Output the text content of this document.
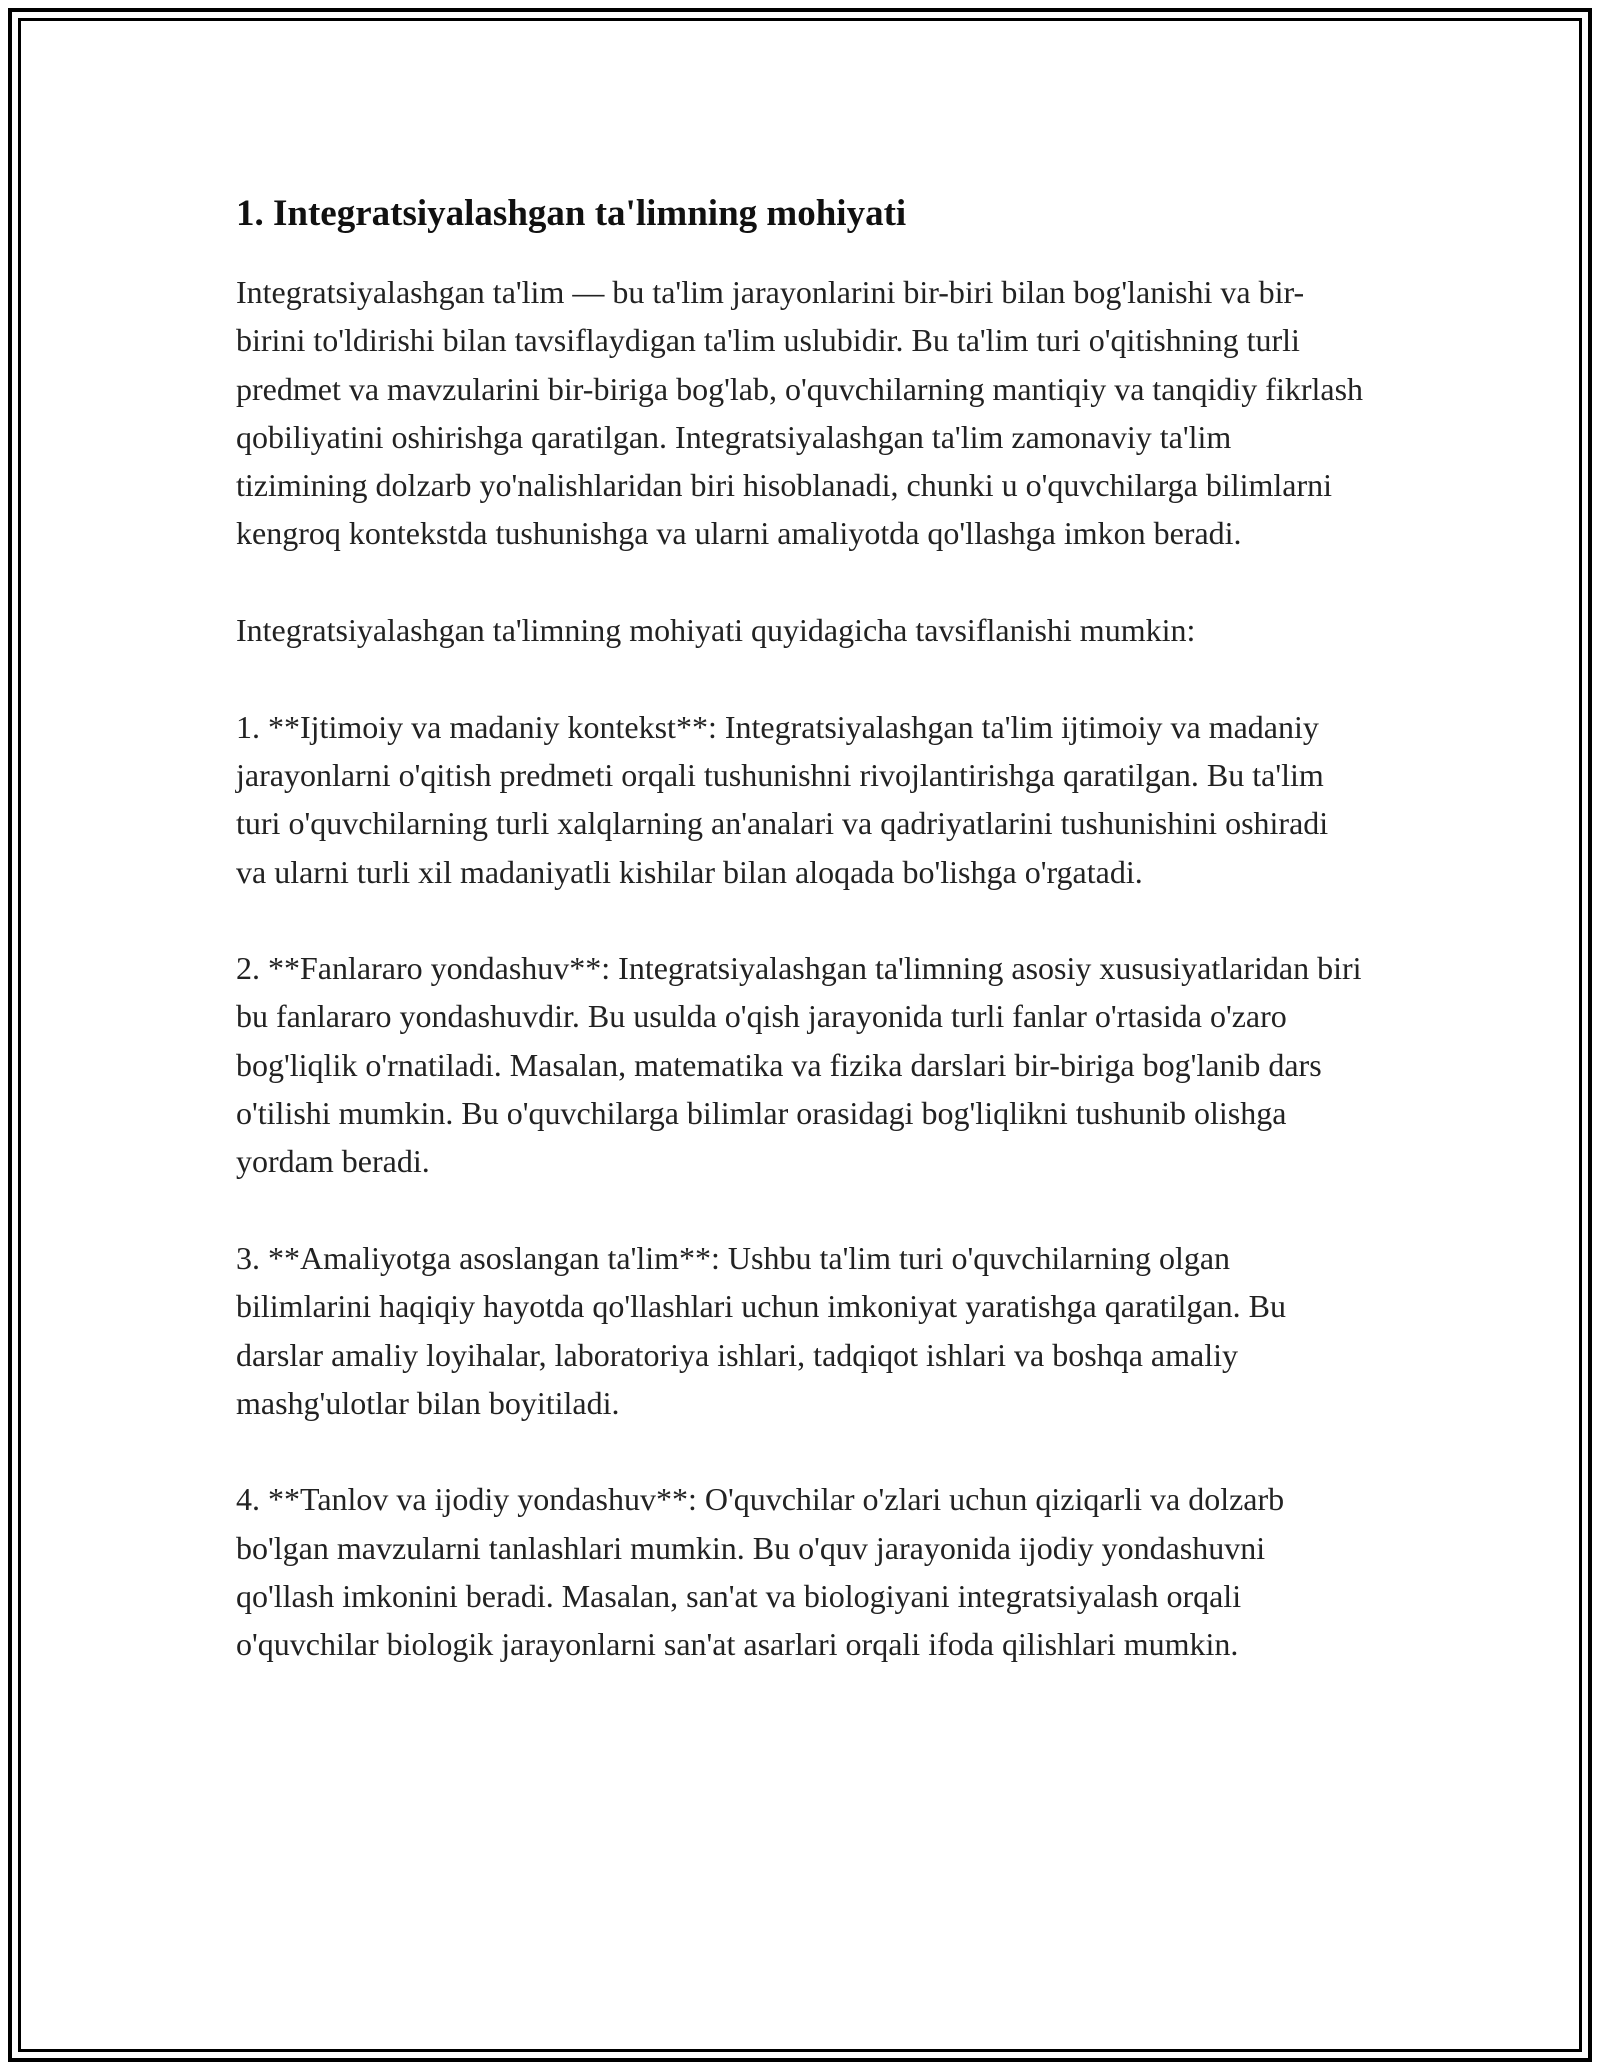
1. Integratsiyalashgan ta'limning mohiyati

Integratsiyalashgan ta'lim — bu ta'lim jarayonlarini bir-biri bilan bog'lanishi va bir-birini to'ldirishi bilan tavsiflaydigan ta'lim uslubidir. Bu ta'lim turi o'qitishning turli predmet va mavzularini bir-biriga bog'lab, o'quvchilarning mantiqiy va tanqidiy fikrlash qobiliyatini oshirishga qaratilgan. Integratsiyalashgan ta'lim zamonaviy ta'lim tizimining dolzarb yo'nalishlaridan biri hisoblanadi, chunki u o'quvchilarga bilimlarni kengroq kontekstda tushunishga va ularni amaliyotda qo'llashga imkon beradi.

Integratsiyalashgan ta'limning mohiyati quyidagicha tavsiflanishi mumkin:

1. **Ijtimoiy va madaniy kontekst**: Integratsiyalashgan ta'lim ijtimoiy va madaniy jarayonlarni o'qitish predmeti orqali tushunishni rivojlantirishga qaratilgan. Bu ta'lim turi o'quvchilarning turli xalqlarning an'analari va qadriyatlarini tushunishini oshiradi va ularni turli xil madaniyatli kishilar bilan aloqada bo'lishga o'rgatadi.

2. **Fanlararo yondashuv**: Integratsiyalashgan ta'limning asosiy xususiyatlaridan biri bu fanlararo yondashuvdir. Bu usulda o'qish jarayonida turli fanlar o'rtasida o'zaro bog'liqlik o'rnatiladi. Masalan, matematika va fizika darslari bir-biriga bog'lanib dars o'tilishi mumkin. Bu o'quvchilarga bilimlar orasidagi bog'liqlikni tushunib olishga yordam beradi.

3. **Amaliyotga asoslangan ta'lim**: Ushbu ta'lim turi o'quvchilarning olgan bilimlarini haqiqiy hayotda qo'llashlari uchun imkoniyat yaratishga qaratilgan. Bu darslar amaliy loyihalar, laboratoriya ishlari, tadqiqot ishlari va boshqa amaliy mashg'ulotlar bilan boyitiladi.

4. **Tanlov va ijodiy yondashuv**: O'quvchilar o'zlari uchun qiziqarli va dolzarb bo'lgan mavzularni tanlashlari mumkin. Bu o'quv jarayonida ijodiy yondashuvni qo'llash imkonini beradi. Masalan, san'at va biologiyani integratsiyalash orqali o'quvchilar biologik jarayonlarni san'at asarlari orqali ifoda qilishlari mumkin.
